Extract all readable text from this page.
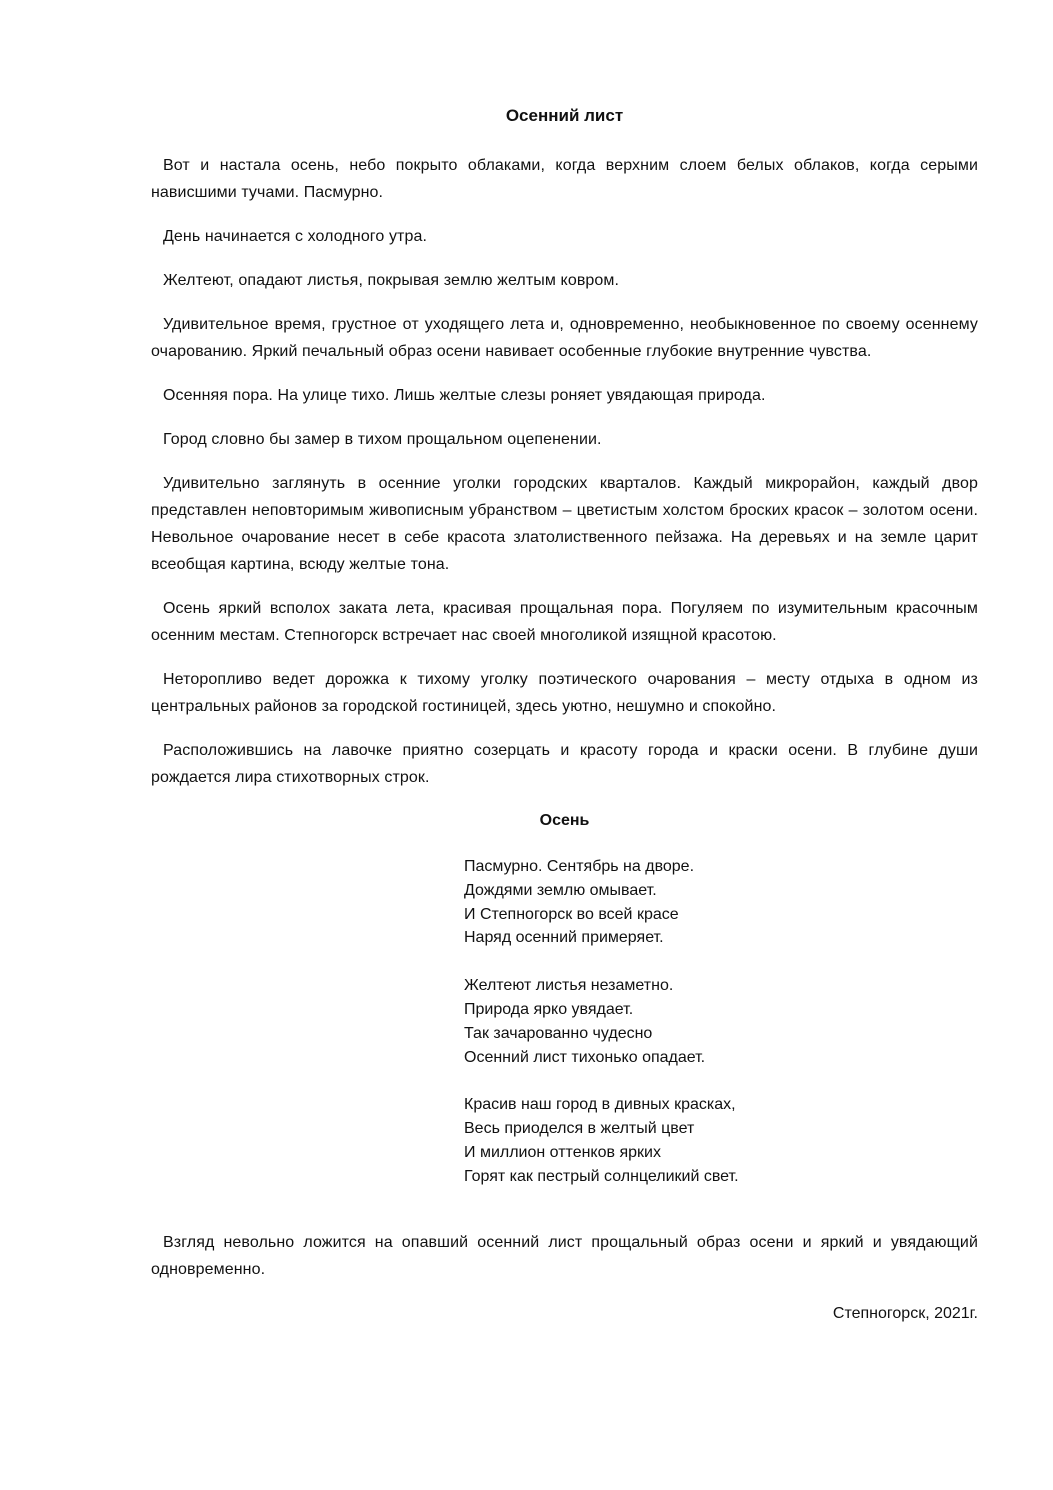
Осенний лист

Вот и настала осень, небо покрыто облаками, когда верхним слоем белых облаков, когда серыми нависшими тучами. Пасмурно.

День начинается с холодного утра.

Желтеют, опадают листья, покрывая землю желтым ковром.

Удивительное время, грустное от уходящего лета и, одновременно, необыкновенное по своему осеннему очарованию. Яркий печальный образ осени навивает особенные глубокие внутренние чувства.

Осенняя пора. На улице тихо. Лишь желтые слезы роняет увядающая природа.

Город словно бы замер в тихом прощальном оцепенении.

Удивительно заглянуть в осенние уголки городских кварталов. Каждый микрорайон, каждый двор представлен неповторимым живописным убранством – цветистым холстом броских красок – золотом осени. Невольное очарование несет в себе красота златолиственного пейзажа. На деревьях и на земле царит всеобщая картина, всюду желтые тона.

Осень яркий всполох заката лета, красивая прощальная пора. Погуляем по изумительным красочным осенним местам. Степногорск встречает нас своей многоликой изящной красотою.

Неторопливо ведет дорожка к тихому уголку поэтического очарования – месту отдыха в одном из центральных районов за городской гостиницей, здесь уютно, нешумно и спокойно.

Расположившись на лавочке приятно созерцать и красоту города и краски осени. В глубине души рождается лира стихотворных строк.

Осень
Пасмурно. Сентябрь на дворе.
Дождями землю омывает.
И Степногорск во всей красе
Наряд осенний примеряет.
Желтеют листья незаметно.
Природа ярко увядает.
Так зачарованно чудесно
Осенний лист тихонько опадает.
Красив наш город в дивных красках,
Весь приоделся в желтый цвет
И миллион оттенков ярких
Горят как пестрый солнцеликий свет.

Взгляд невольно ложится на опавший осенний лист прощальный образ осени и яркий и увядающий одновременно.

Степногорск, 2021г.
